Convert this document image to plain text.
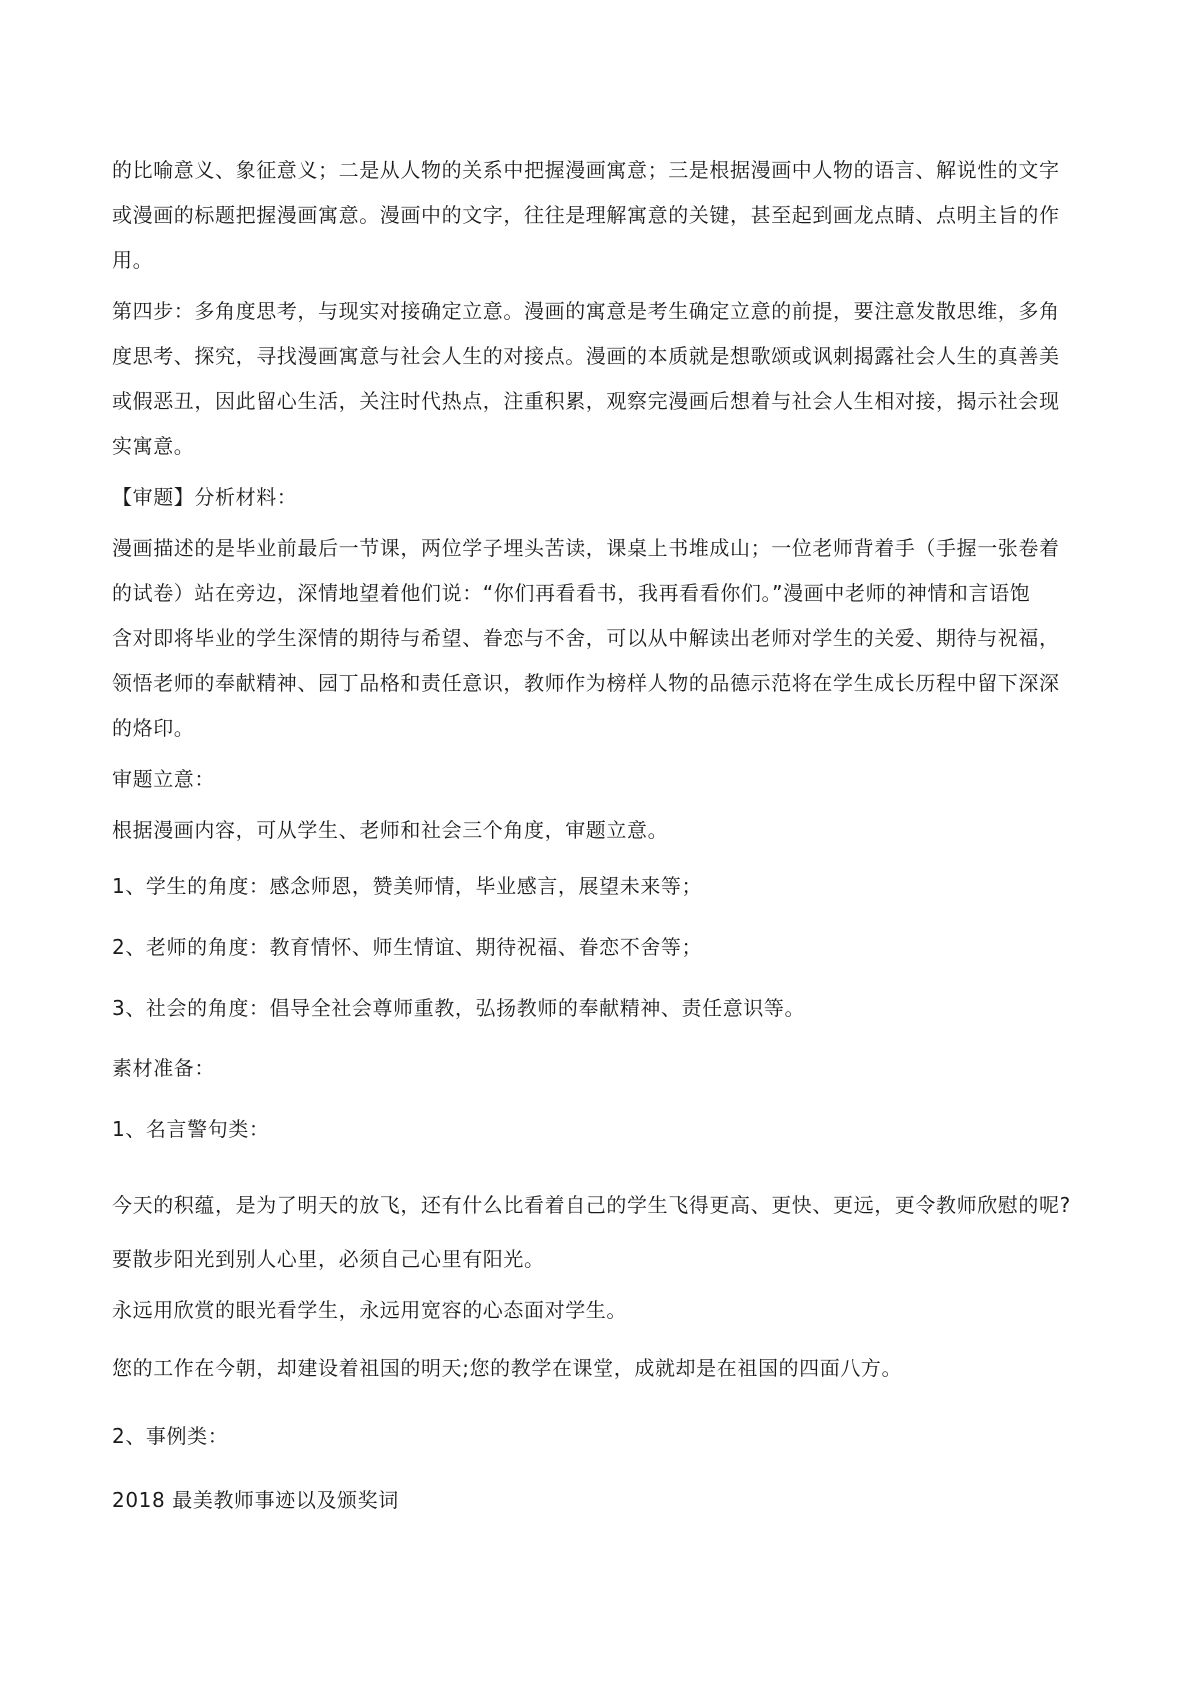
的比喻意义、象征意义；二是从人物的关系中把握漫画寓意；三是根据漫画中人物的语言、解说性的文字
或漫画的标题把握漫画寓意。漫画中的文字，往往是理解寓意的关键，甚至起到画龙点睛、点明主旨的作
用。
第四步：多角度思考，与现实对接确定立意。漫画的寓意是考生确定立意的前提，要注意发散思维，多角
度思考、探究，寻找漫画寓意与社会人生的对接点。漫画的本质就是想歌颂或讽刺揭露社会人生的真善美
或假恶丑，因此留心生活，关注时代热点，注重积累，观察完漫画后想着与社会人生相对接，揭示社会现
实寓意。
【审题】分析材料：
漫画描述的是毕业前最后一节课，两位学子埋头苦读，课桌上书堆成山；一位老师背着手（手握一张卷着
的试卷）站在旁边，深情地望着他们说：“你们再看看书，我再看看你们。”漫画中老师的神情和言语饱
含对即将毕业的学生深情的期待与希望、眷恋与不舍，可以从中解读出老师对学生的关爱、期待与祝福，
领悟老师的奉献精神、园丁品格和责任意识，教师作为榜样人物的品德示范将在学生成长历程中留下深深
的烙印。
审题立意：
根据漫画内容，可从学生、老师和社会三个角度，审题立意。
1、学生的角度：感念师恩，赞美师情，毕业感言，展望未来等；
2、老师的角度：教育情怀、师生情谊、期待祝福、眷恋不舍等；
3、社会的角度：倡导全社会尊师重教，弘扬教师的奉献精神、责任意识等。
素材准备：
1、名言警句类：
今天的积蕴，是为了明天的放飞，还有什么比看着自己的学生飞得更高、更快、更远，更令教师欣慰的呢?
要散步阳光到别人心里，必须自己心里有阳光。
永远用欣赏的眼光看学生，永远用宽容的心态面对学生。
您的工作在今朝，却建设着祖国的明天;您的教学在课堂，成就却是在祖国的四面八方。
2、事例类：
2018 最美教师事迹以及颁奖词
